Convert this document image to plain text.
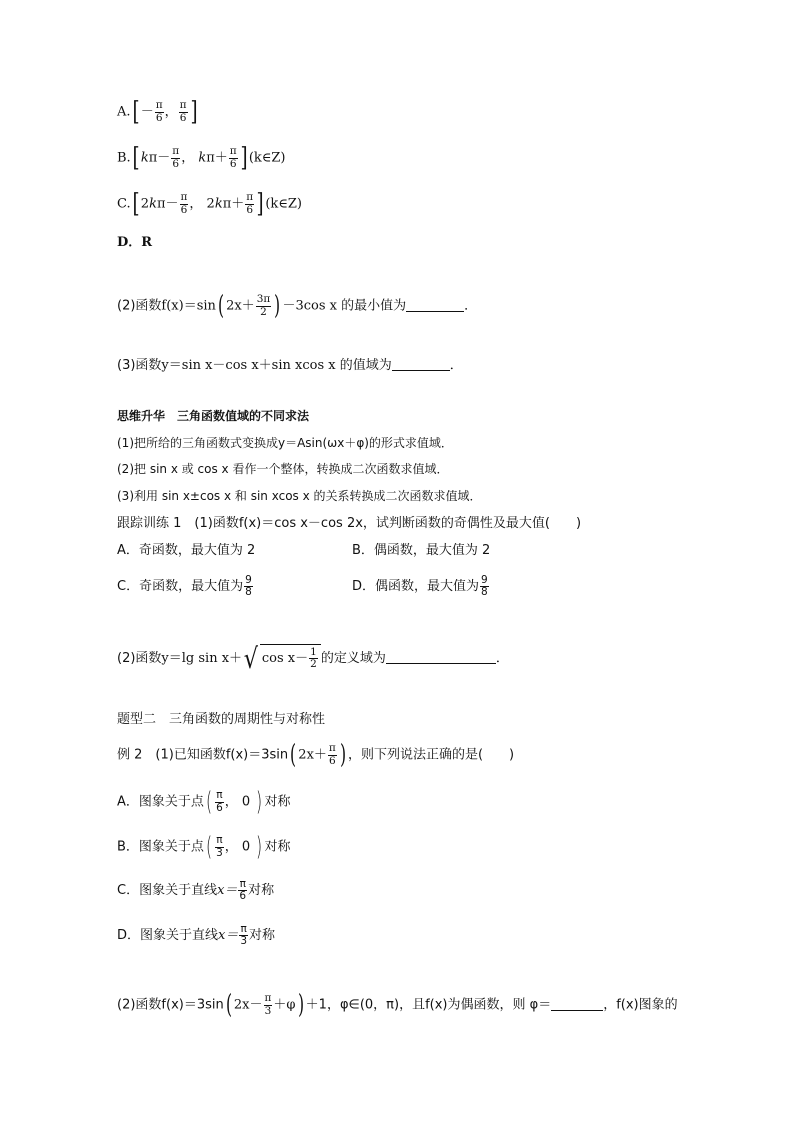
$A.[ - \frac{\pi}{6}$ ， $\frac{\pi}{6}$ ]
B.[ $k\pi- \frac{\pi}{6}$ ， $k\pi+ \frac{\pi}{6}$ ] (k∈Z)
C.[ $2k\pi- \frac{\pi}{6}$ ， $2k\pi+ \frac{\pi}{6}$ ] (k∈Z)
D．R
(2)函数f(x)＝sin( $2x+ \frac{3\pi}{2}$ ) －3cos x 的最小值为	．
(3)函数y＝sin x－cos x＋sin xcos x 的值域为	．
思维升华　三角函数值域的不同求法
(1)把所给的三角函数式变换成y＝Asin(ωx＋φ)的形式求值域．
(2)把 sin x 或 cos x 看作一个整体，转换成二次函数求值域．
(3)利用 sin x±cos x 和 sin xcos x 的关系转换成二次函数求值域．
跟踪训练 1　(1)函数f(x)＝cos x－cos 2x，试判断函数的奇偶性及最大值(　　)
A．奇函数，最大值为 2	B．偶函数，最大值为 2
C．奇函数，最大值为 $\frac{9}{8}$	D．偶函数，最大值为 $\frac{9}{8}$
(2)函数y＝lg sin x＋√ $\cos x- \frac{1}{2}$ 的定义域为	．
题型二　三角函数的周期性与对称性
例 2　(1)已知函数f(x)＝3sin( $2x+ \frac{\pi}{6}$ ) ，则下列说法正确的是(　　)
A．图象关于点( $\frac{\pi}{6}$ ， 0 ) 对称
B．图象关于点( $\frac{\pi}{3}$ ， 0 ) 对称
C．图象关于直线$x= \frac{\pi}{6}$ 对称
D．图象关于直线$x= \frac{\pi}{3}$ 对称
(2)函数f(x)＝3sin( $2x- \frac{\pi}{3} +\varphi) +1$，φ∈(0，π)，且f(x)为偶函数，则 φ＝	，f(x)图象的
